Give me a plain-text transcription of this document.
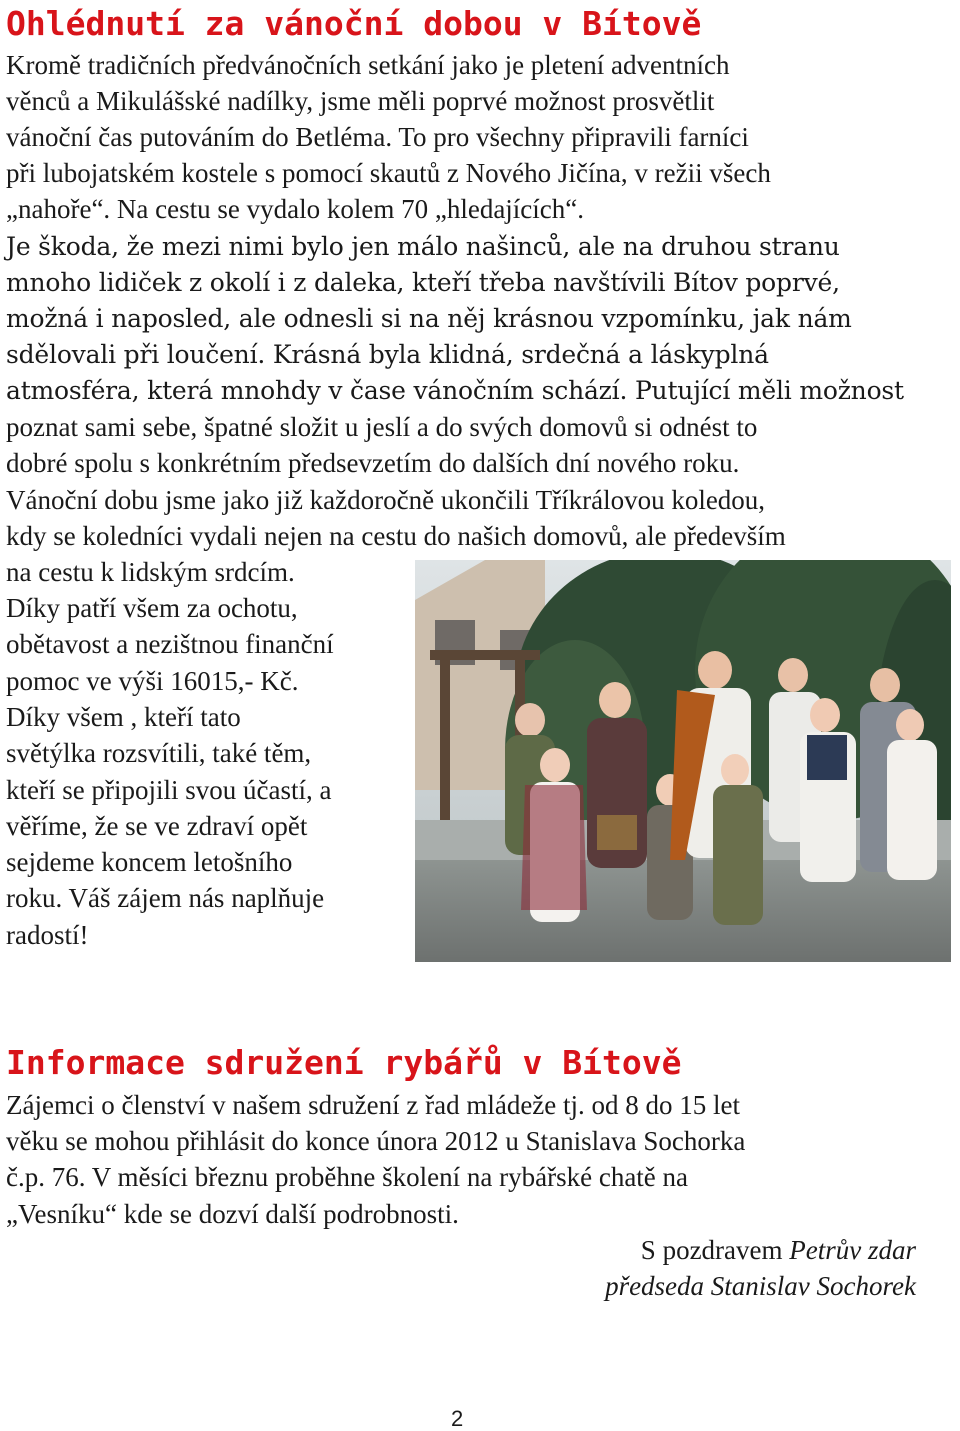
Ohlédnutí za vánoční dobou v Bítově

Kromě tradičních předvánočních setkání jako je pletení adventních

věnců a Mikulášské nadílky, jsme měli poprvé možnost prosvětlit

vánoční čas putováním do Betléma. To pro všechny připravili farníci

při lubojatském kostele s pomocí skautů z Nového Jičína, v režii všech

„nahoře“. Na cestu se vydalo kolem 70 „hledajících“.

Je škoda, že mezi nimi bylo jen málo našinců, ale na druhou stranu

mnoho lidiček z okolí i z daleka, kteří třeba navštívili Bítov poprvé,

možná i naposled, ale odnesli si na něj krásnou vzpomínku, jak nám

sdělovali při loučení. Krásná byla klidná, srdečná a láskyplná

atmosféra, která mnohdy v čase vánočním schází. Putující měli možnost

poznat sami sebe, špatné složit u jeslí a do svých domovů si odnést to

dobré spolu s konkrétním předsevzetím do dalších dní nového roku.

Vánoční dobu jsme jako již každoročně ukončili Tříkrálovou koledou,

kdy se koledníci vydali nejen na cestu do našich domovů, ale především

na cestu k lidským srdcím.

Díky patří všem za ochotu,

obětavost a nezištnou finanční

pomoc ve výši 16015,- Kč.

Díky všem , kteří tato

světýlka rozsvítili, také těm,

kteří se připojili svou účastí, a

věříme, že se ve zdraví opět

sejdeme koncem letošního

roku. Váš zájem nás naplňuje

radostí!

Informace sdružení rybářů v Bítově

Zájemci o členství v našem sdružení z řad mládeže tj. od 8 do 15 let

věku se mohou přihlásit do konce února 2012 u Stanislava Sochorka

č.p. 76. V měsíci březnu proběhne školení na rybářské chatě na

„Vesníku“ kde se dozví další podrobnosti.

S pozdravem Petrův zdar
předseda Stanislav Sochorek
2
